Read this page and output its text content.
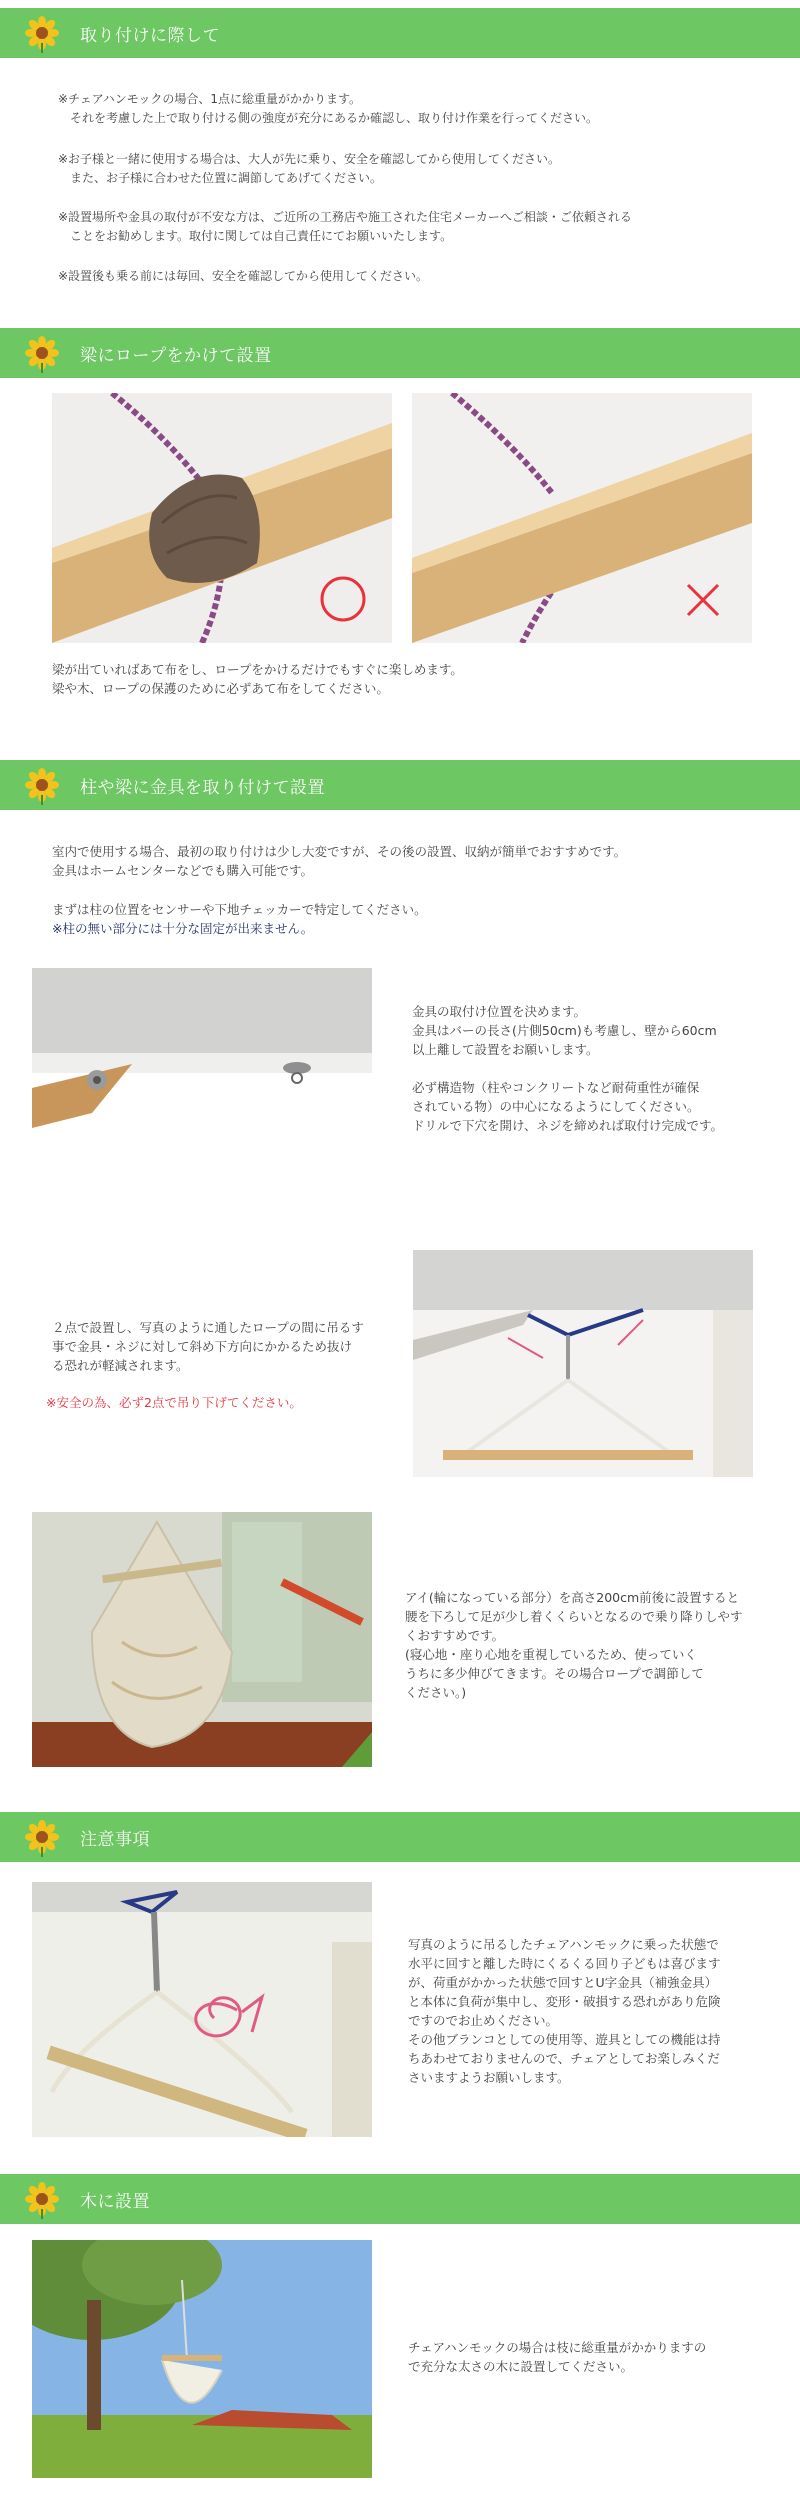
取り付けに際して
※チェアハンモックの場合、1点に総重量がかかります。
　それを考慮した上で取り付ける側の強度が充分にあるか確認し、取り付け作業を行ってください。
※お子様と一緒に使用する場合は、大人が先に乗り、安全を確認してから使用してください。
　また、お子様に合わせた位置に調節してあげてください。
※設置場所や金具の取付が不安な方は、ご近所の工務店や施工された住宅メーカーへご相談・ご依頼される
　ことをお勧めします。取付に関しては自己責任にてお願いいたします。
※設置後も乗る前には毎回、安全を確認してから使用してください。
梁にロープをかけて設置
梁が出ていればあて布をし、ロープをかけるだけでもすぐに楽しめます。
梁や木、ロープの保護のために必ずあて布をしてください。
柱や梁に金具を取り付けて設置
室内で使用する場合、最初の取り付けは少し大変ですが、その後の設置、収納が簡単でおすすめです。
金具はホームセンターなどでも購入可能です。
まずは柱の位置をセンサーや下地チェッカーで特定してください。
※柱の無い部分には十分な固定が出来ません。
金具の取付け位置を決めます。
金具はバーの長さ(片側50cm)も考慮し、壁から60cm
以上離して設置をお願いします。

必ず構造物（柱やコンクリートなど耐荷重性が確保
されている物）の中心になるようにしてください。
ドリルで下穴を開け、ネジを締めれば取付け完成です。
２点で設置し、写真のように通したロープの間に吊るす
事で金具・ネジに対して斜め下方向にかかるため抜け
る恐れが軽減されます。
※安全の為、必ず2点で吊り下げてください。
アイ(輪になっている部分）を高さ200cm前後に設置すると
腰を下ろして足が少し着くくらいとなるので乗り降りしやす
くおすすめです。
(寝心地・座り心地を重視しているため、使っていく
うちに多少伸びてきます。その場合ロープで調節して
ください。)
注意事項
写真のように吊るしたチェアハンモックに乗った状態で
水平に回すと離した時にくるくる回り子どもは喜びます
が、荷重がかかった状態で回すとU字金具（補強金具）
と本体に負荷が集中し、変形・破損する恐れがあり危険
ですのでお止めください。
その他ブランコとしての使用等、遊具としての機能は持
ちあわせておりませんので、チェアとしてお楽しみくだ
さいますようお願いします。
木に設置
チェアハンモックの場合は枝に総重量がかかりますの
で充分な太さの木に設置してください。
